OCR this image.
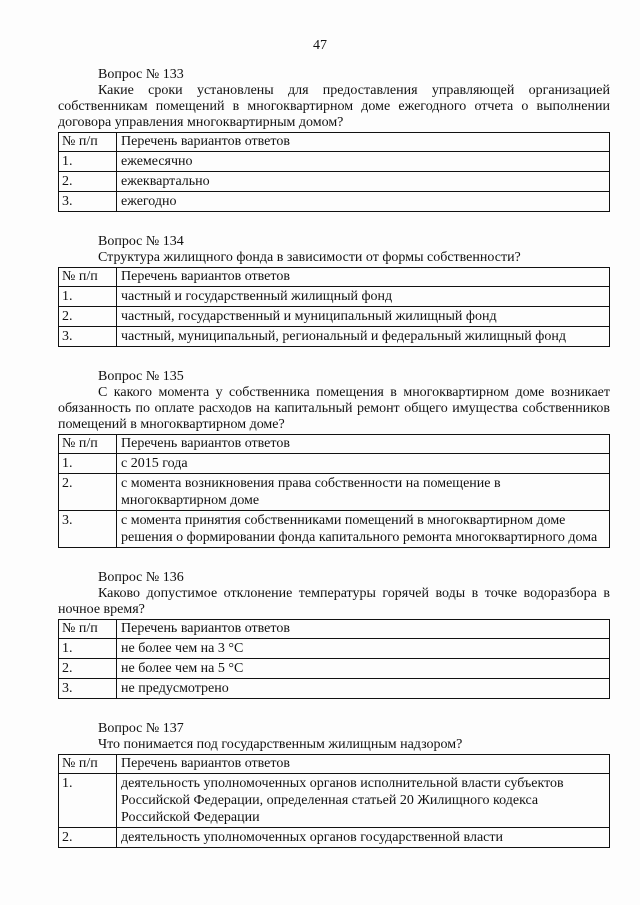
47
Вопрос № 133
Какие сроки установлены для предоставления управляющей организацией собственникам помещений в многоквартирном доме ежегодного отчета о выполнении договора управления многоквартирным домом?
№ п/п	Перечень вариантов ответов
1.	ежемесячно
2.	ежеквартально
3.	ежегодно
Вопрос № 134
Структура жилищного фонда в зависимости от формы собственности?
№ п/п	Перечень вариантов ответов
1.	частный и государственный жилищный фонд
2.	частный, государственный и муниципальный жилищный фонд
3.	частный, муниципальный, региональный и федеральный жилищный фонд
Вопрос № 135
С какого момента у собственника помещения в многоквартирном доме возникает обязанность по оплате расходов на капитальный ремонт общего имущества собственников помещений в многоквартирном доме?
№ п/п	Перечень вариантов ответов
1.	с 2015 года
2.	с момента возникновения права собственности на помещение в многоквартирном доме
3.	с момента принятия собственниками помещений в многоквартирном доме решения о формировании фонда капитального ремонта многоквартирного дома
Вопрос № 136
Каково допустимое отклонение температуры горячей воды в точке водоразбора в ночное время?
№ п/п	Перечень вариантов ответов
1.	не более чем на 3 °С
2.	не более чем на 5 °С
3.	не предусмотрено
Вопрос № 137
Что понимается под государственным жилищным надзором?
№ п/п	Перечень вариантов ответов
1.	деятельность уполномоченных органов исполнительной власти субъектов Российской Федерации, определенная статьей 20 Жилищного кодекса Российской Федерации
2.	деятельность уполномоченных органов государственной власти
